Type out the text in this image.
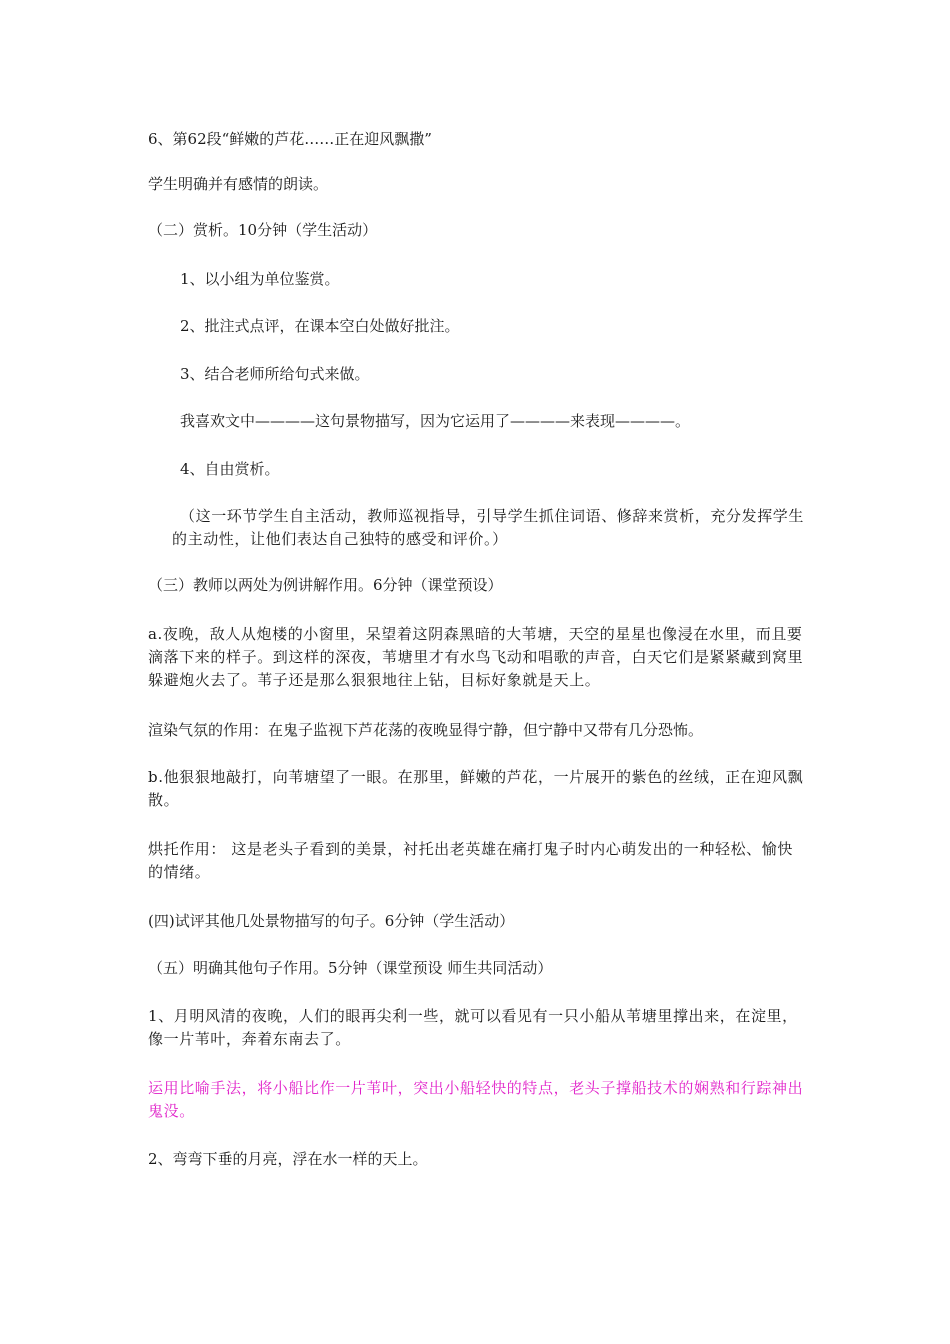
6、第62段“鲜嫩的芦花……正在迎风飘撒”
学生明确并有感情的朗读。
（二）赏析。10分钟（学生活动）
1、以小组为单位鉴赏。
2、批注式点评，在课本空白处做好批注。
3、结合老师所给句式来做。
我喜欢文中————这句景物描写，因为它运用了————来表现————。
4、自由赏析。
（这一环节学生自主活动，教师巡视指导，引导学生抓住词语、修辞来赏析，充分发挥学生的主动性，让他们表达自己独特的感受和评价。）
（三）教师以两处为例讲解作用。6分钟（课堂预设）
a.夜晚，敌人从炮楼的小窗里，呆望着这阴森黑暗的大苇塘，天空的星星也像浸在水里，而且要滴落下来的样子。到这样的深夜，苇塘里才有水鸟飞动和唱歌的声音，白天它们是紧紧藏到窝里躲避炮火去了。苇子还是那么狠狠地往上钻，目标好象就是天上。
渲染气氛的作用：在鬼子监视下芦花荡的夜晚显得宁静，但宁静中又带有几分恐怖。
b.他狠狠地敲打，向苇塘望了一眼。在那里，鲜嫩的芦花，一片展开的紫色的丝绒，正在迎风飘散。
烘托作用： 这是老头子看到的美景，衬托出老英雄在痛打鬼子时内心萌发出的一种轻松、愉快的情绪。
(四)试评其他几处景物描写的句子。6分钟（学生活动）
（五）明确其他句子作用。5分钟（课堂预设 师生共同活动）
1、月明风清的夜晚，人们的眼再尖利一些，就可以看见有一只小船从苇塘里撑出来，在淀里，像一片苇叶，奔着东南去了。
运用比喻手法，将小船比作一片苇叶，突出小船轻快的特点，老头子撑船技术的娴熟和行踪神出鬼没。
2、弯弯下垂的月亮，浮在水一样的天上。
